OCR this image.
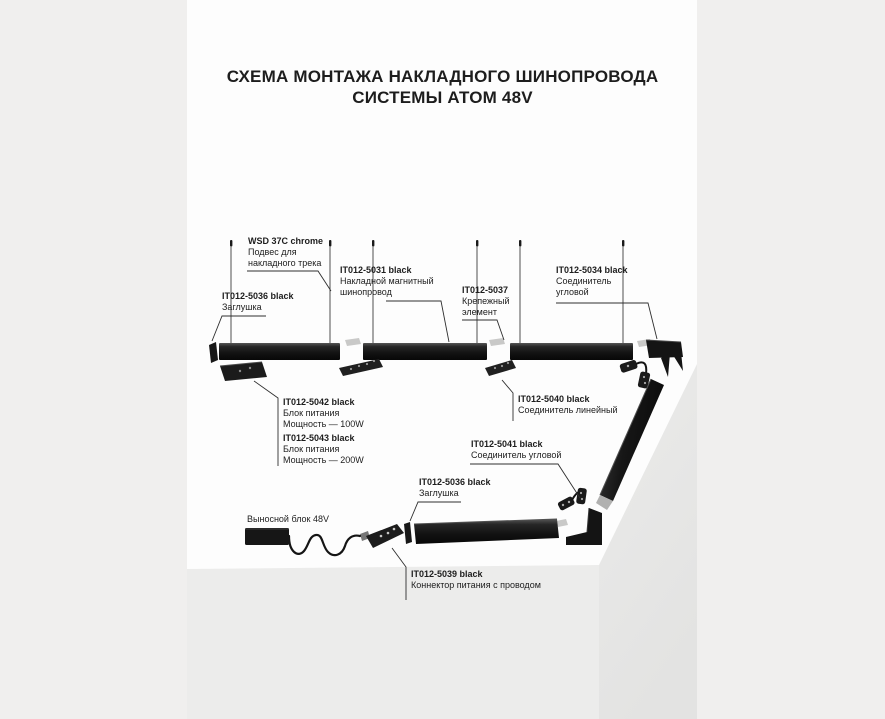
СХЕМА МОНТАЖА НАКЛАДНОГО ШИНОПРОВОДА
СИСТЕМЫ АТОМ 48V
WSD 37C chrome
Подвес для
накладного трека
IT012-5036 black
Заглушка
IT012-5031 black
Накладной магнитный
шинопровод	IT012-5037
Крепежный
элемент
IT012-5034 black
Соединитель
угловой
IT012-5042 black
Блок питания
Мощность — 100W
IT012-5043 black
Блок питания
Мощность — 200W
IT012-5040 black
Соединитель линейный
IT012-5041 black
Соединитель угловой
IT012-5036 black
Заглушка
Выносной блок 48V
IT012-5039 black
Коннектор питания с проводом
